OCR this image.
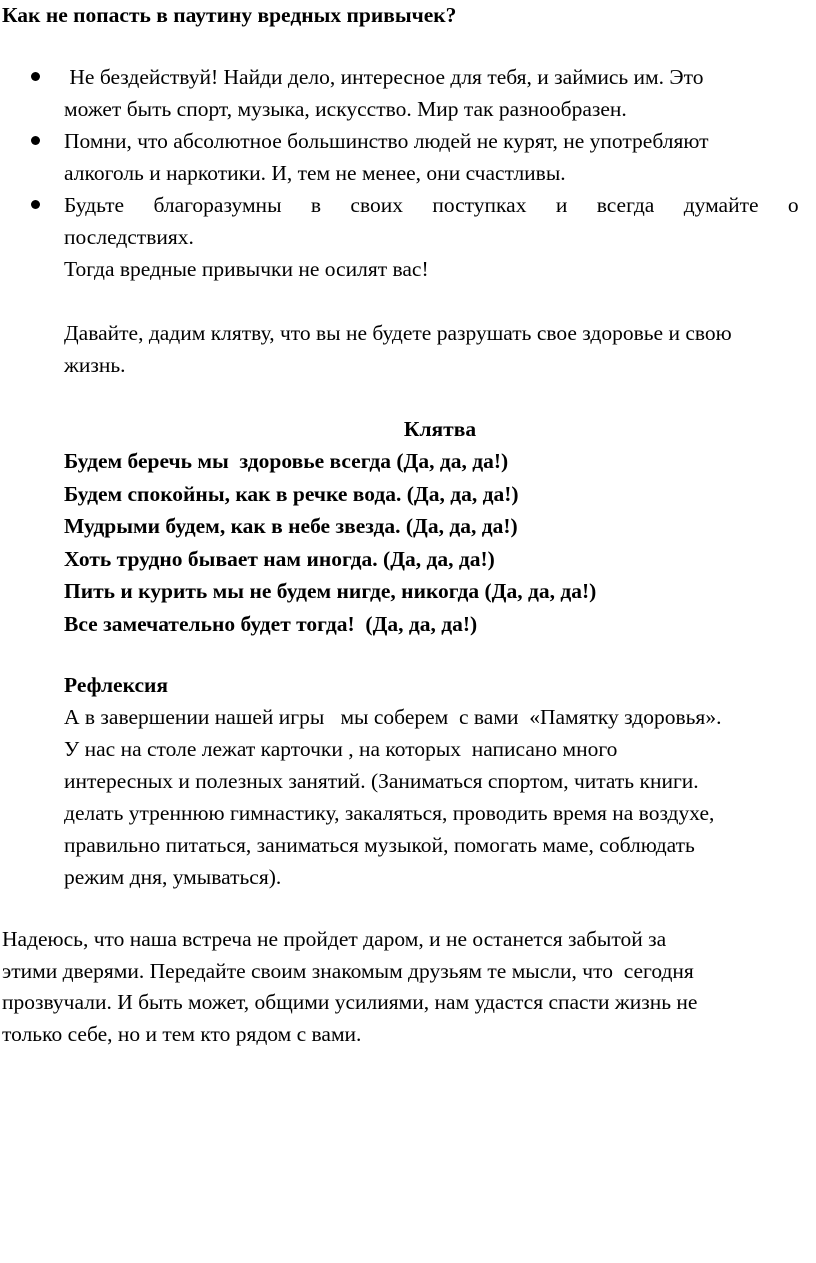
Как не попасть в паутину вредных привычек?
Не бездействуй! Найди дело, интересное для тебя, и займись им. Это
может быть спорт, музыка, искусство. Мир так разнообразен.
Помни, что абсолютное большинство людей не курят, не употребляют
алкоголь и наркотики. И, тем не менее, они счастливы.
Будьте благоразумны в своих поступках и всегда думайте о
последствиях.

Тогда вредные привычки не осилят вас!

Давайте, дадим клятву, что вы не будете разрушать свое здоровье и свою
жизнь.

Клятва
Будем беречь мы  здоровье всегда (Да, да, да!)
Будем спокойны, как в речке вода. (Да, да, да!)
Мудрыми будем, как в небе звезда. (Да, да, да!)
Хоть трудно бывает нам иногда. (Да, да, да!)
Пить и курить мы не будем нигде, никогда (Да, да, да!)
Все замечательно будет тогда!  (Да, да, да!)
Рефлексия

А в завершении нашей игры   мы соберем  с вами  «Памятку здоровья».
У нас на столе лежат карточки , на которых  написано много
интересных и полезных занятий. (Заниматься спортом, читать книги.
делать утреннюю гимнастику, закаляться, проводить время на воздухе,
правильно питаться, заниматься музыкой, помогать маме, соблюдать
режим дня, умываться).

Надеюсь, что наша встреча не пройдет даром, и не останется забытой за
этими дверями. Передайте своим знакомым друзьям те мысли, что  сегодня
прозвучали. И быть может, общими усилиями, нам удастся спасти жизнь не
только себе, но и тем кто рядом с вами.
